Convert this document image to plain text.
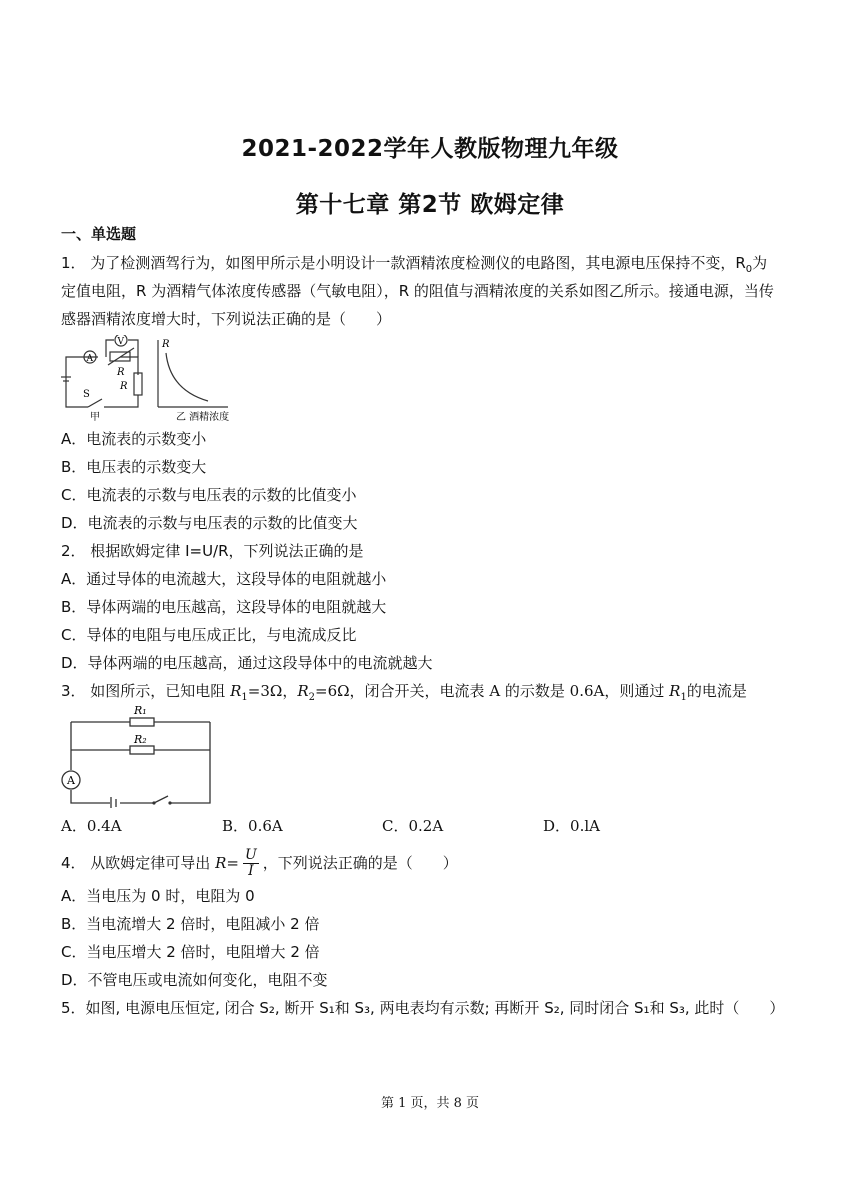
2021-2022学年人教版物理九年级
第十七章 第2节 欧姆定律
一、单选题
1． 为了检测酒驾行为，如图甲所示是小明设计一款酒精浓度检测仪的电路图，其电源电压保持不变，$R_0$为
定值电阻，R 为酒精气体浓度传感器（气敏电阻），R 的阻值与酒精浓度的关系如图乙所示。接通电源，当传
感器酒精浓度增大时，下列说法正确的是（　　）
A
V
R
R
S
甲
R
乙 酒精浓度
A．电流表的示数变小
B．电压表的示数变大
C．电流表的示数与电压表的示数的比值变小
D．电流表的示数与电压表的示数的比值变大
2． 根据欧姆定律 I=U/R，下列说法正确的是
A．通过导体的电流越大，这段导体的电阻就越小
B．导体两端的电压越高，这段导体的电阻就越大
C．导体的电阻与电压成正比，与电流成反比
D．导体两端的电压越高，通过这段导体中的电流就越大
3． 如图所示，已知电阻 $R_1=3\Omega$，$R_2=6\Omega$，闭合开关，电流表 A 的示数是 0.6A，则通过 $R_1$的电流是
R₁
R₂
A
A．0.4A	B．0.6A	C．0.2A	D．0.lA
4． 从欧姆定律可导出 $R= \frac{U}{I}$ ，下列说法正确的是（　　）
A．当电压为 0 时，电阻为 0
B．当电流增大 2 倍时，电阻减小 2 倍
C．当电压增大 2 倍时，电阻增大 2 倍
D．不管电压或电流如何变化，电阻不变
5．如图, 电源电压恒定, 闭合 S₂, 断开 S₁和 S₃, 两电表均有示数; 再断开 S₂, 同时闭合 S₁和 S₃, 此时（　　）
第 1 页，共 8 页
